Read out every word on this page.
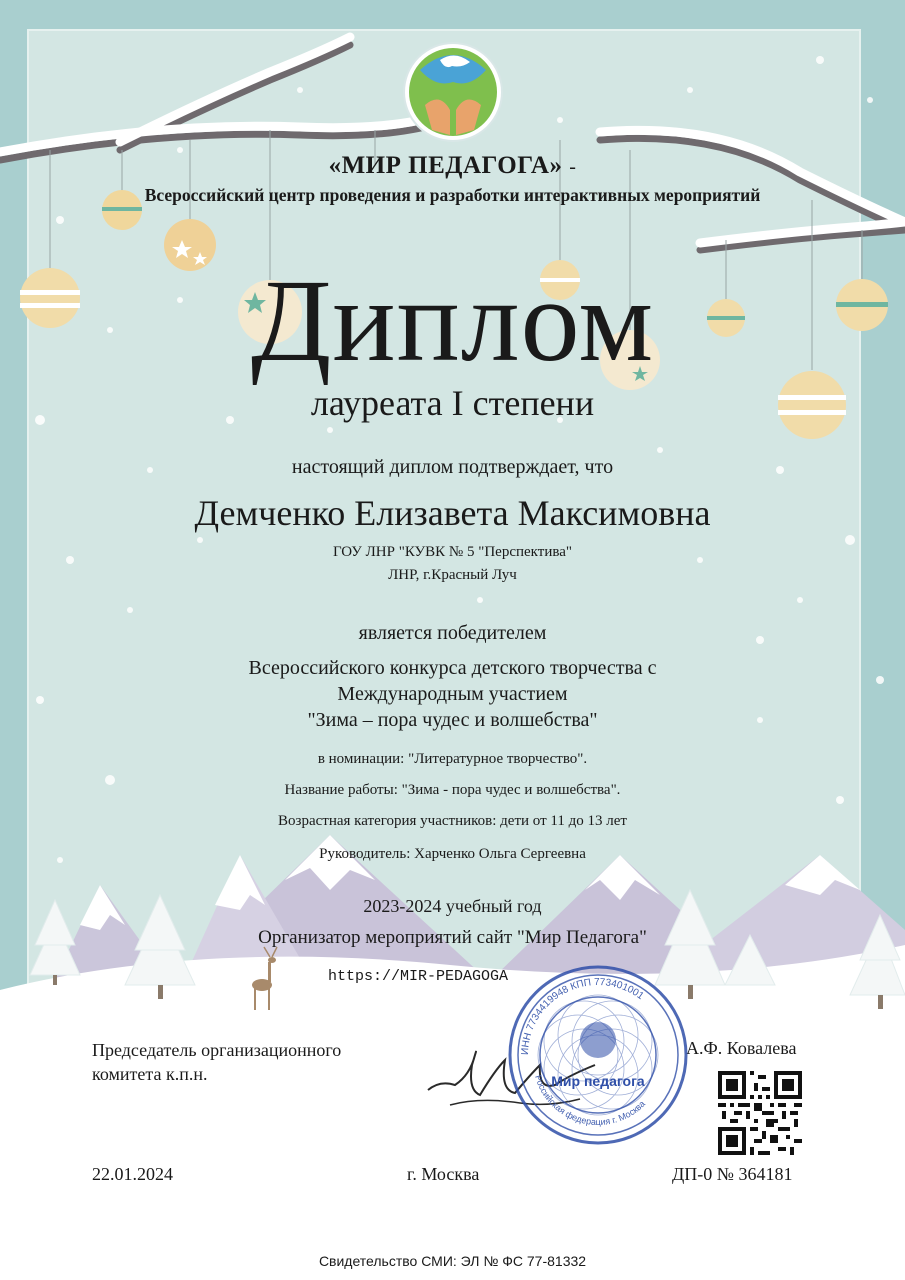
«МИР ПЕДАГОГА» -
Всероссийский центр проведения и разработки интерактивных мероприятий
Диплом
лауреата I степени
настоящий диплом подтверждает, что
Демченко Елизавета Максимовна
ГОУ ЛНР "КУВК № 5 "Перспектива"
ЛНР, г.Красный Луч
является победителем
Всероссийского конкурса детского творчества с
Международным участием
"Зима – пора чудес и волшебства"
в номинации: "Литературное творчество".
Название работы: "Зима - пора чудес и волшебства".
Возрастная категория участников: дети от 11 до 13 лет
Руководитель: Харченко Ольга Сергеевна
2023-2024 учебный год
Организатор мероприятий сайт "Мир Педагога"
https://MIR-PEDAGOGA
Председатель организационного
комитета к.п.н.
А.Ф. Ковалева
ИНН 7734419948 КПП 773401001
Российская федерация г. Москва
Мир педагога
22.01.2024	г. Москва	ДП-0 № 364181
Свидетельство СМИ: ЭЛ № ФС 77-81332
